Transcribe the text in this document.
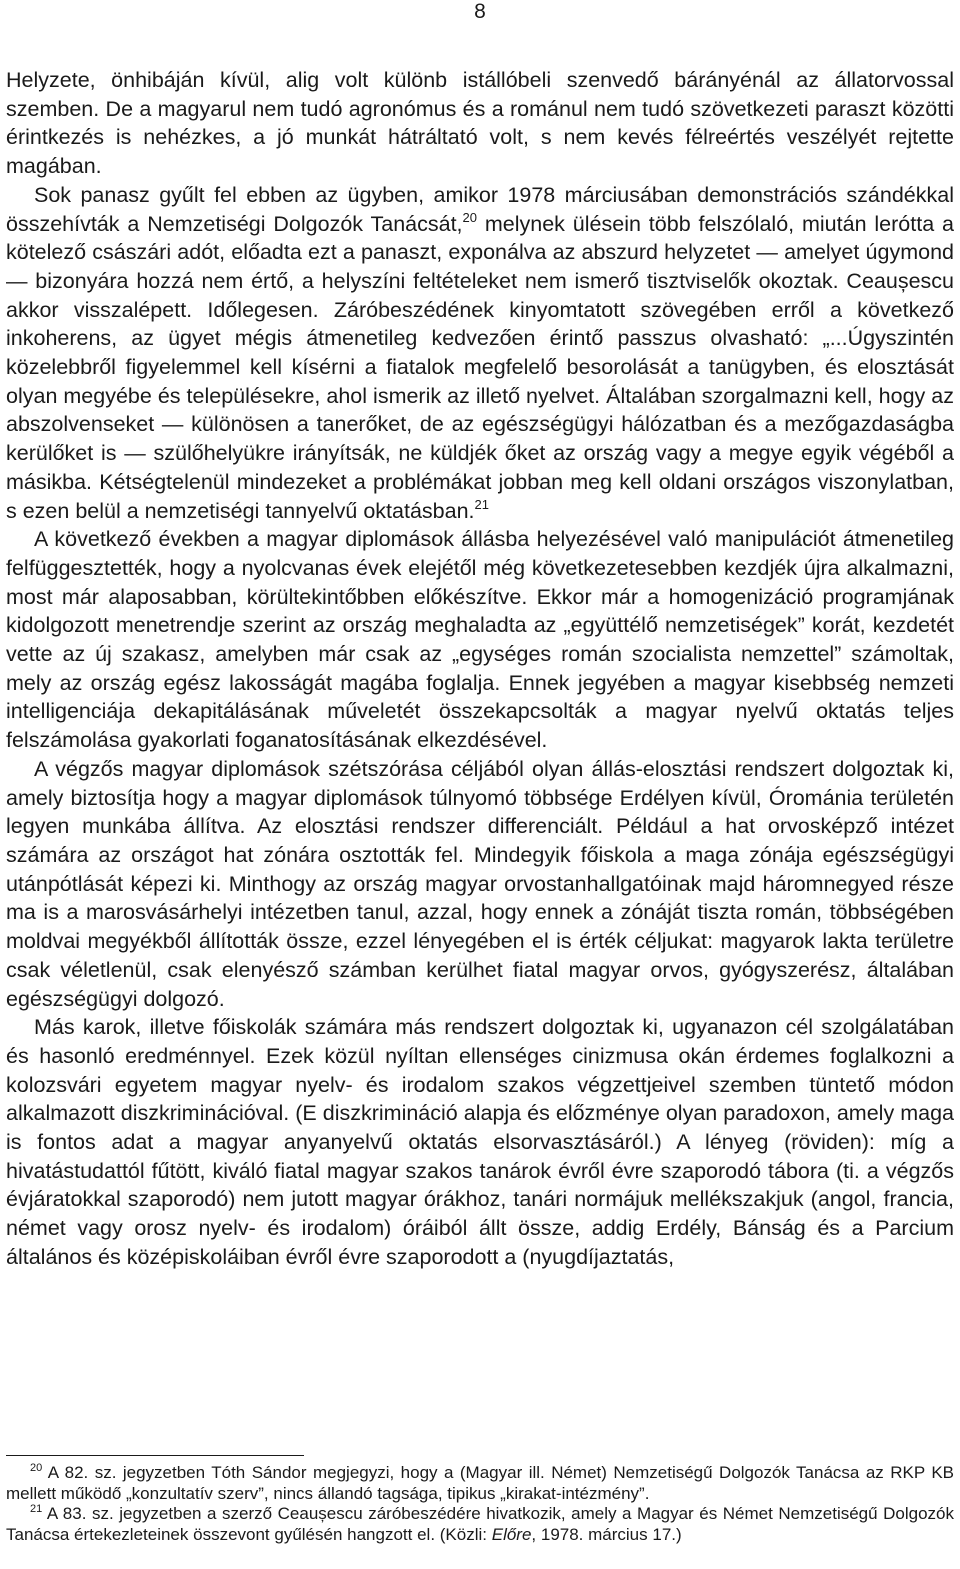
8

Helyzete, önhibáján kívül, alig volt különb istállóbeli szenvedő bárányénál az állatorvossal szemben. De a magyarul nem tudó agronómus és a románul nem tudó szövetkezeti paraszt közötti érintkezés is nehézkes, a jó munkát hátráltató volt, s nem kevés félreértés veszélyét rejtette magában.

Sok panasz gyűlt fel ebben az ügyben, amikor 1978 márciusában demonstrációs szándékkal összehívták a Nemzetiségi Dolgozók Tanácsát,$^{20}$ melynek ülésein több felszólaló, miután lerótta a kötelező császári adót, előadta ezt a panaszt, exponálva az abszurd helyzetet — amelyet úgymond — bizonyára hozzá nem értő, a helyszíni feltételeket nem ismerő tisztviselők okoztak. Ceaușescu akkor visszalépett. Időlegesen. Záróbeszédének kinyomtatott szövegében erről a következő inkoherens, az ügyet mégis átmenetileg kedvezően érintő passzus olvasható: „...Úgyszintén közelebbről figyelemmel kell kísérni a fiatalok megfelelő besorolását a tanügyben, és elosztását olyan megyébe és településekre, ahol ismerik az illető nyelvet. Általában szorgalmazni kell, hogy az abszolvenseket — különösen a tanerőket, de az egészségügyi hálózatban és a mezőgazdaságba kerülőket is — szülőhelyükre irányítsák, ne küldjék őket az ország vagy a megye egyik végéből a másikba. Kétségtelenül mindezeket a problémákat jobban meg kell oldani országos viszonylatban, s ezen belül a nemzetiségi tannyelvű oktatásban.$^{21}$

A következő években a magyar diplomások állásba helyezésével való manipulációt átmenetileg felfüggesztették, hogy a nyolcvanas évek elejétől még következetesebben kezdjék újra alkalmazni, most már alaposabban, körültekintőbben előkészítve. Ekkor már a homogenizáció programjának kidolgozott menetrendje szerint az ország meghaladta az „együttélő nemzetiségek” korát, kezdetét vette az új szakasz, amelyben már csak az „egységes román szocialista nemzettel” számoltak, mely az ország egész lakosságát magába foglalja. Ennek jegyében a magyar kisebbség nemzeti intelligenciája dekapitálásának műveletét összekapcsolták a magyar nyelvű oktatás teljes felszámolása gyakorlati foganatosításának elkezdésével.

A végzős magyar diplomások szétszórása céljából olyan állás-elosztási rendszert dolgoztak ki, amely biztosítja hogy a magyar diplomások túlnyomó többsége Erdélyen kívül, Órománia területén legyen munkába állítva. Az elosztási rendszer differenciált. Például a hat orvosképző intézet számára az országot hat zónára osztották fel. Mindegyik főiskola a maga zónája egészségügyi utánpótlását képezi ki. Minthogy az ország magyar orvostanhallgatóinak majd háromnegyed része ma is a marosvásárhelyi intézetben tanul, azzal, hogy ennek a zónáját tiszta román, többségében moldvai megyékből állították össze, ezzel lényegében el is érték céljukat: magyarok lakta területre csak véletlenül, csak elenyésző számban kerülhet fiatal magyar orvos, gyógyszerész, általában egészségügyi dolgozó.

Más karok, illetve főiskolák számára más rendszert dolgoztak ki, ugyanazon cél szolgálatában és hasonló eredménnyel. Ezek közül nyíltan ellenséges cinizmusa okán érdemes foglalkozni a kolozsvári egyetem magyar nyelv- és irodalom szakos végzettjeivel szemben tüntető módon alkalmazott diszkriminációval. (E diszkrimináció alapja és előzménye olyan paradoxon, amely maga is fontos adat a magyar anyanyelvű oktatás elsorvasztásáról.) A lényeg (röviden): míg a hivatástudattól fűtött, kiváló fiatal magyar szakos tanárok évről évre szaporodó tábora (ti. a végzős évjáratokkal szaporodó) nem jutott magyar órákhoz, tanári normájuk mellékszakjuk (angol, francia, német vagy orosz nyelv- és irodalom) óráiból állt össze, addig Erdély, Bánság és a Parcium általános és középiskoláiban évről évre szaporodott a (nyugdíjaztatás,

$^{20}$ A 82. sz. jegyzetben Tóth Sándor megjegyzi, hogy a (Magyar ill. Német) Nemzetiségű Dolgozók Tanácsa az RKP KB mellett működő „konzultatív szerv”, nincs állandó tagsága, tipikus „kirakat-intézmény”.

$^{21}$ A 83. sz. jegyzetben a szerző Ceaușescu záróbeszédére hivatkozik, amely a Magyar és Német Nemzetiségű Dolgozók Tanácsa értekezleteinek összevont gyűlésén hangzott el. (Közli: Előre, 1978. március 17.)
